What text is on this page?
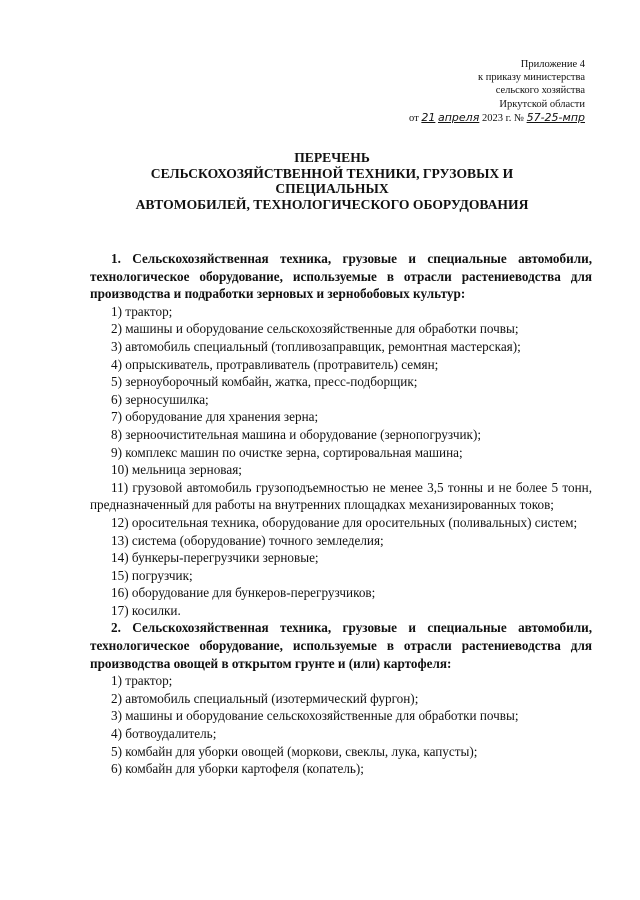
Приложение 4
к приказу министерства
сельского хозяйства
Иркутской области
от 21 апреля 2023 г. № 57-25-мпр
ПЕРЕЧЕНЬ
СЕЛЬСКОХОЗЯЙСТВЕННОЙ ТЕХНИКИ, ГРУЗОВЫХ И
СПЕЦИАЛЬНЫХ
АВТОМОБИЛЕЙ, ТЕХНОЛОГИЧЕСКОГО ОБОРУДОВАНИЯ
1. Сельскохозяйственная техника, грузовые и специальные автомобили, технологическое оборудование, используемые в отрасли растениеводства для производства и подработки зерновых и зернобобовых культур:
1) трактор;
2) машины и оборудование сельскохозяйственные для обработки почвы;
3) автомобиль специальный (топливозаправщик, ремонтная мастерская);
4) опрыскиватель, протравливатель (протравитель) семян;
5) зерноуборочный комбайн, жатка, пресс-подборщик;
6) зерносушилка;
7) оборудование для хранения зерна;
8) зерноочистительная машина и оборудование (зернопогрузчик);
9) комплекс машин по очистке зерна, сортировальная машина;
10) мельница зерновая;
11) грузовой автомобиль грузоподъемностью не менее 3,5 тонны и не более 5 тонн, предназначенный для работы на внутренних площадках механизированных токов;
12) оросительная техника, оборудование для оросительных (поливальных) систем;
13) система (оборудование) точного земледелия;
14) бункеры-перегрузчики зерновые;
15) погрузчик;
16) оборудование для бункеров-перегрузчиков;
17) косилки.
2. Сельскохозяйственная техника, грузовые и специальные автомобили, технологическое оборудование, используемые в отрасли растениеводства для производства овощей в открытом грунте и (или) картофеля:
1) трактор;
2) автомобиль специальный (изотермический фургон);
3) машины и оборудование сельскохозяйственные для обработки почвы;
4) ботвоудалитель;
5) комбайн для уборки овощей (моркови, свеклы, лука, капусты);
6) комбайн для уборки картофеля (копатель);
